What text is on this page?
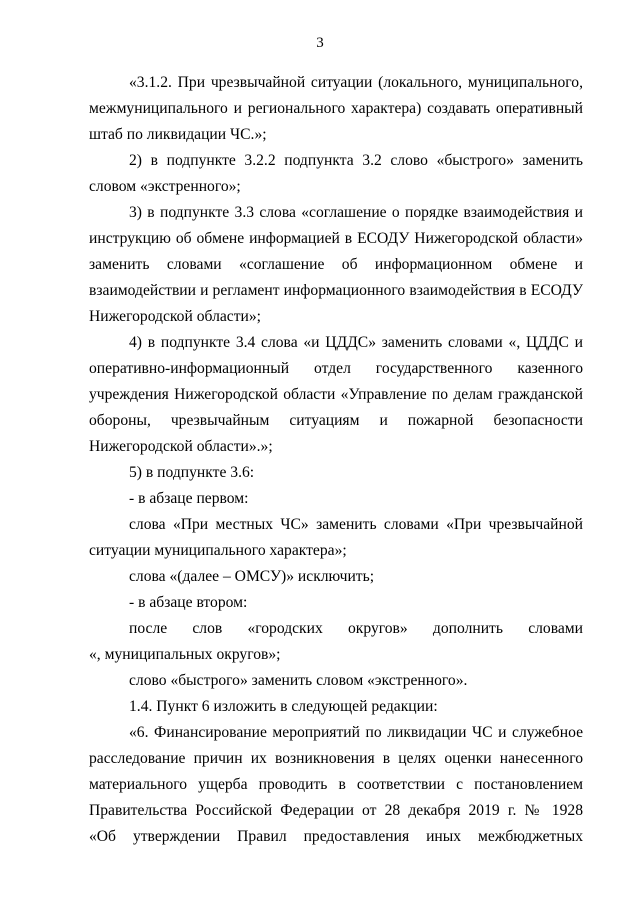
3
«3.1.2. При чрезвычайной ситуации (локального, муниципального,
межмуниципального и регионального характера) создавать оперативный
штаб по ликвидации ЧС.»;
2) в подпункте 3.2.2 подпункта 3.2 слово «быстрого» заменить
словом «экстренного»;
3) в подпункте 3.3 слова «соглашение о порядке взаимодействия и
инструкцию об обмене информацией в ЕСОДУ Нижегородской области»
заменить словами «соглашение об информационном обмене и
взаимодействии и регламент информационного взаимодействия в ЕСОДУ
Нижегородской области»;
4) в подпункте 3.4 слова «и ЦДДС» заменить словами «, ЦДДС и
оперативно-информационный отдел государственного казенного
учреждения Нижегородской области «Управление по делам гражданской
обороны, чрезвычайным ситуациям и пожарной безопасности
Нижегородской области».»;
5) в подпункте 3.6:
- в абзаце первом:
слова «При местных ЧС» заменить словами «При чрезвычайной
ситуации муниципального характера»;
слова «(далее – ОМСУ)» исключить;
- в абзаце втором:
после слов «городских округов» дополнить словами
«, муниципальных округов»;
слово «быстрого» заменить словом «экстренного».
1.4. Пункт 6 изложить в следующей редакции:
«6. Финансирование мероприятий по ликвидации ЧС и служебное
расследование причин их возникновения в целях оценки нанесенного
материального ущерба проводить в соответствии с постановлением
Правительства Российской Федерации от 28 декабря 2019 г. № 1928
«Об утверждении Правил предоставления иных межбюджетных
